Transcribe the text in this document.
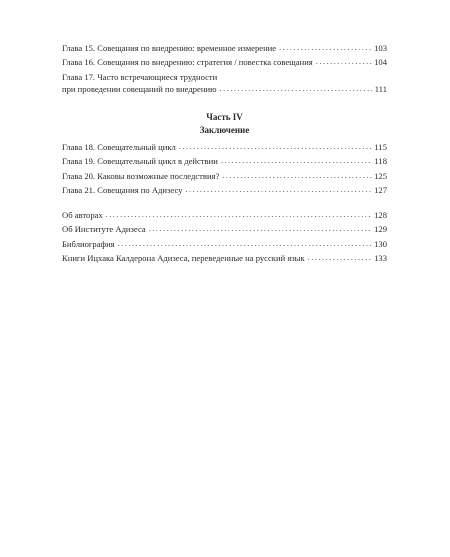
Глава 15. Совещания по внедрению: временное измерение .....	103
Глава 16. Совещания по внедрению: стратегия / повестка совещания .....	104
Глава 17. Часто встречающиеся трудности
при проведении совещаний по внедрению .....	111
Часть IV
Заключение
Глава 18. Совещательный цикл .....	115
Глава 19. Совещательный цикл в действии .....	118
Глава 20. Каковы возможные последствия? .....	125
Глава 21. Совещания по Адизесу .....	127
Об авторах .....	128
Об Институте Адизеса .....	129
Библиография .....	130
Книги Ицхака Калдерона Адизеса, переведенные на русский язык .....	133
